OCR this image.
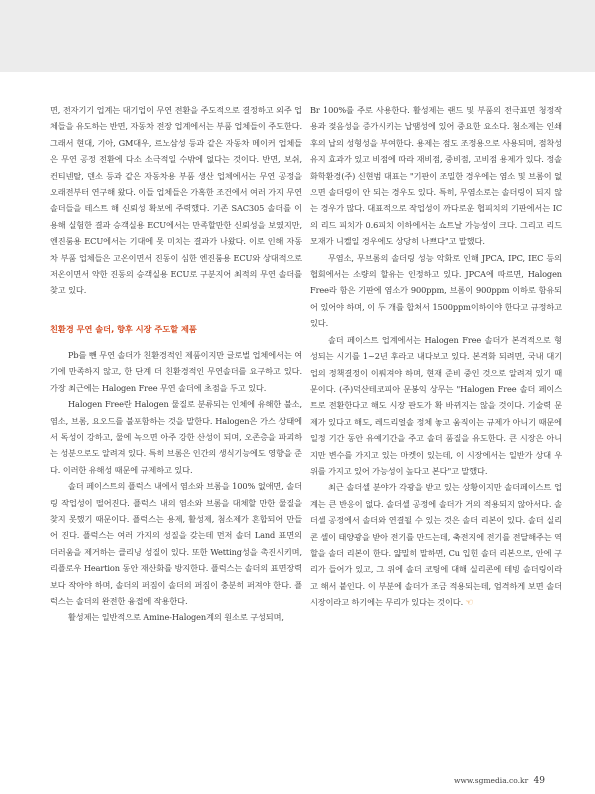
면, 전자기기 업계는 대기업이 무연 전환을 주도적으로 결정하고 외주 업체들을 유도하는 반면, 자동차 전장 업계에서는 부품 업체들이 주도한다. 그래서 현대, 기아, GM대우, 르노삼성 등과 같은 자동차 메이커 업체들은 무연 공정 전환에 다소 소극적일 수밖에 없다는 것이다. 반면, 보쉬, 컨티넨탈, 덴소 등과 같은 자동차용 부품 생산 업체에서는 무연 공정을 오래전부터 연구해 왔다. 이들 업체들은 가혹한 조건에서 여러 가지 무연 솔더들을 테스트 해 신뢰성 확보에 주력했다. 기존 SAC305 솔더를 이용해 실험한 결과 승객실용 ECU에서는 만족할만한 신뢰성을 보였지만, 엔진룸용 ECU에서는 기대에 못 미치는 결과가 나왔다. 이로 인해 자동차 부품 업체들은 고온이면서 진동이 심한 엔진룸용 ECU와 상대적으로 저온이면서 약한 진동의 승객실용 ECU로 구분지어 최적의 무연 솔더를 찾고 있다.

친환경 무연 솔더, 향후 시장 주도할 제품

Pb를 뺀 무연 솔더가 친환경적인 제품이지만 글로벌 업체에서는 여기에 만족하지 않고, 한 단계 더 친환경적인 무연솔더를 요구하고 있다. 가장 최근에는 Halogen Free 무연 솔더에 초점을 두고 있다.

Halogen Free란 Halogen 물질로 분류되는 인체에 유해한 불소, 염소, 브롬, 요오드를 불포함하는 것을 말한다. Halogen은 가스 상태에서 독성이 강하고, 물에 녹으면 아주 강한 산성이 되며, 오존층을 파괴하는 성분으로도 알려져 있다. 특히 브롬은 인간의 생식기능에도 영향을 준다. 이러한 유해성 때문에 규제하고 있다.

솔더 페이스트의 플럭스 내에서 염소와 브롬을 100% 없애면, 솔더링 작업성이 떨어진다. 플럭스 내의 염소와 브롬을 대체할 만한 물질을 찾지 못했기 때문이다. 플럭스는 용제, 활성제, 첨소제가 혼합되어 만들어 진다. 플럭스는 여러 가지의 성질을 갖는데 먼저 솔더 Land 표면의 더러움을 제거하는 클리닝 성질이 있다. 또한 Wetting성을 촉진시키며, 리플로우 Heartion 동안 재산화를 방지한다. 플럭스는 솔더의 표면장력보다 작아야 하며, 솔더의 퍼짐이 솔더의 퍼짐이 충분히 퍼져야 한다. 플럭스는 솔더의 완전한 융접에 작용한다.

활성제는 일반적으로 Amine-Halogen계의 원소로 구성되며,

Br 100%를 주로 사용한다. 활성제는 랜드 및 부품의 전극표면 청정작용과 젖음성을 증가시키는 납땜성에 있어 중요한 요소다. 첨소제는 인쇄 후의 납의 성형성을 부여한다. 용제는 점도 조정용으로 사용되며, 점착성 유지 효과가 있고 비점에 따라 재비점, 중비점, 고비점 용제가 있다. 정솔화학환경(주) 신현범 대표는 "기판이 조밀한 경우에는 염소 및 브롬이 없으면 솔더링이 안 되는 경우도 있다. 특히, 무염소로는 솔더링이 되지 않는 경우가 많다. 대표적으로 작업성이 까다로운 협피치의 기판에서는 IC의 리드 피치가 0.6피치 이하에서는 쇼트날 가능성이 크다. 그리고 리드 모재가 니켈일 경우에도 상당히 나쁘다"고 말했다.

무염소, 무브롬의 솔더링 성능 악화로 인해 JPCA, IPC, IEC 등의 협회에서는 소량의 할유는 인정하고 있다. JPCA에 따르면, Halogen Free라 함은 기판에 염소가 900ppm, 브롬이 900ppm 이하로 함유되어 있어야 하며, 이 두 개를 합쳐서 1500ppm이하이야 한다고 규정하고 있다.

솔더 페이스트 업계에서는 Halogen Free 솔더가 본격적으로 형성되는 시기를 1~2년 후라고 내다보고 있다. 본격화 되려면, 국내 대기업의 정책결정이 이뤄져야 하며, 현재 준비 중인 것으로 알려져 있기 때문이다. (주)덕산테코피아 문봉익 상무는 "Halogen Free 솔더 페이스트로 전환한다고 해도 시장 판도가 확 바뀌지는 않을 것이다. 기술력 문제가 있다고 해도, 레드리얼솔 정체 놓고 움직이는 규제가 아니기 때문에 일정 기간 동안 유예기간을 주고 솔더 품질을 유도한다. 큰 시장은 아니지만 변수를 가지고 있는 마켓이 있는데, 이 시장에서는 일반가 상대 우위를 가지고 있어 가능성이 높다고 본다"고 말했다.

최근 솔더셀 분야가 각광을 받고 있는 상황이지만 솔더페이스트 업계는 큰 반응이 없다. 솔더셀 공정에 솔더가 거의 적용되지 않아서다. 솔더셀 공정에서 솔더와 연결될 수 있는 것은 솔더 리본이 있다. 솔더 실리콘 셀이 태양광을 받아 전기를 만드는데, 축전지에 전기를 전달해주는 역할을 솔더 리본이 한다. 얇밀히 말하면, Cu 입힌 솔더 리본으로, 안에 구리가 들어가 있고, 그 위에 솔더 코팅에 대해 실리콘에 테빙 솔더링이라고 해서 붙인다. 이 부분에 솔더가 조금 적용되는데, 엄격하게 보면 솔더 시장이라고 하기에는 무리가 있다는 것이다. ☜

www.sgmedia.co.kr 49
